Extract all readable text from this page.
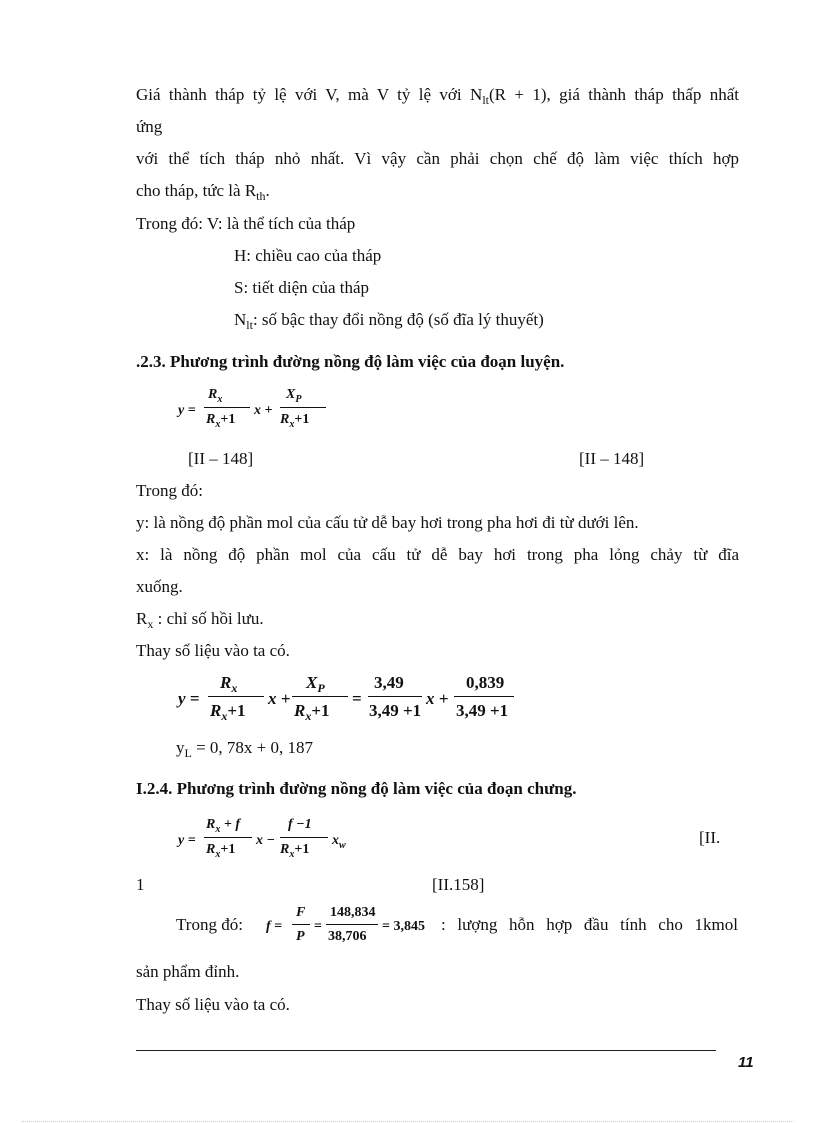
Giá thành tháp tỷ lệ với V, mà V tỷ lệ với $N_{lt}(R + 1)$, giá thành tháp thấp nhất
ứng
với thể tích tháp nhỏ nhất. Vì vậy cần phải chọn chế độ làm việc thích hợp
cho tháp, tức là $R_{th}$.
Trong đó: V: là thể tích của tháp
H: chiều cao của tháp
S: tiết diện của tháp
$N_{lt}$: số bậc thay đổi nồng độ (số đĩa lý thuyết)
.2.3. Phương trình đường nồng độ làm việc của đoạn luyện.
y =
$R_x$
$R_x+1$
x +
$X_P$
$R_x+1$
[II – 148]	[II – 148]
Trong đó:
y: là nồng độ phần mol của cấu tử dễ bay hơi trong pha hơi đi từ dưới lên.
x: là nồng độ phần mol của cấu tử dễ bay hơi trong pha lỏng chảy từ đĩa
xuống.
$R_x$ : chỉ số hồi lưu.
Thay số liệu vào ta có.
y =
$R_x$
$R_x+1$
x +
$X_P$
$R_x+1$
=
3,49
3,49 +1
x +
0,839
3,49 +1
$y_L = 0$, 78x + 0, 187
I.2.4. Phương trình đường nồng độ làm việc của đoạn chưng.
y =
$R_x + f$
$R_x+1$
x −
f −1
$R_x+1$
$x_w$	[II.
1	[II.158]
Trong đó: f =
F
P
=
148,834
38,706
= 3,845 : lượng hỗn hợp đầu tính cho 1kmol
sản phẩm đỉnh.
Thay số liệu vào ta có.
11
